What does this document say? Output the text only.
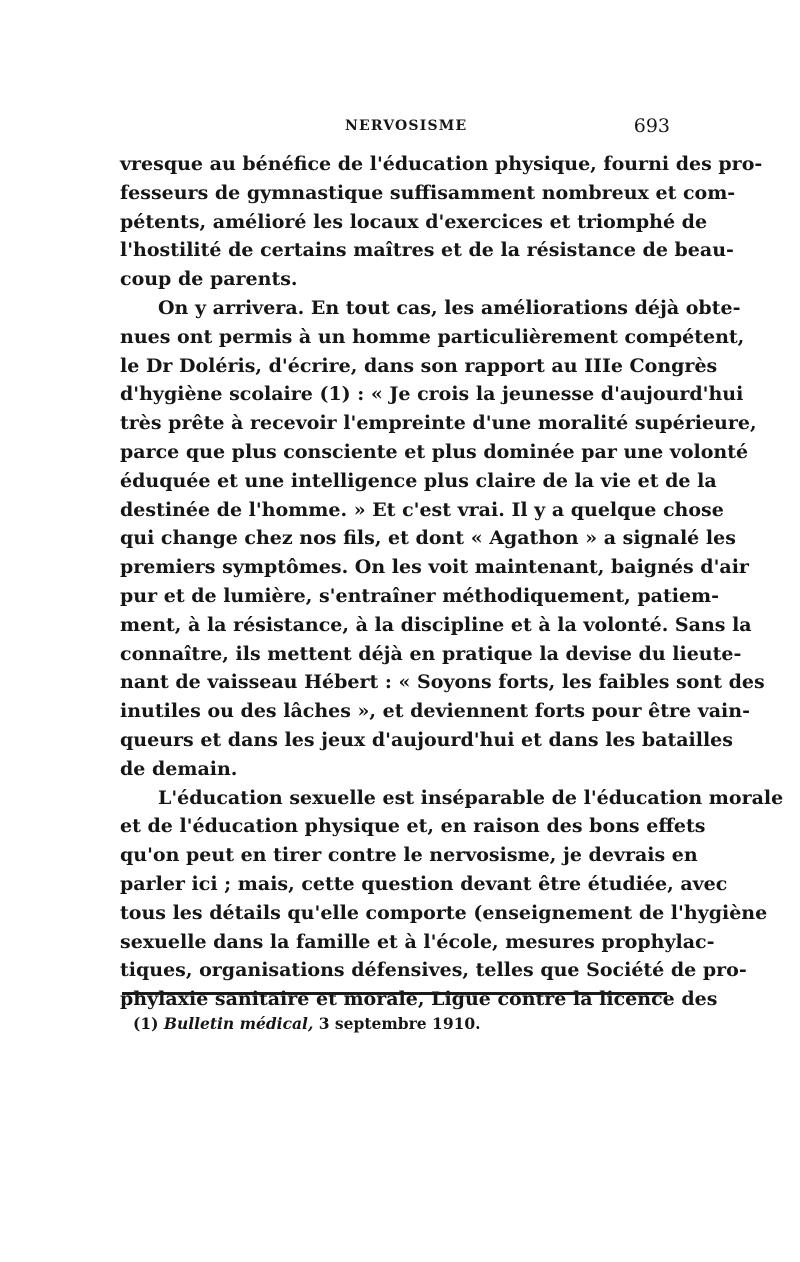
NERVOSISME	693
vresque au bénéfice de l'éducation physique, fourni des pro-
fesseurs de gymnastique suffisamment nombreux et com-
pétents, amélioré les locaux d'exercices et triomphé de
l'hostilité de certains maîtres et de la résistance de beau-
coup de parents.
On y arrivera. En tout cas, les améliorations déjà obte-
nues ont permis à un homme particulièrement compétent,
le Dr Doléris, d'écrire, dans son rapport au IIIe Congrès
d'hygiène scolaire (1) : « Je crois la jeunesse d'aujourd'hui
très prête à recevoir l'empreinte d'une moralité supérieure,
parce que plus consciente et plus dominée par une volonté
éduquée et une intelligence plus claire de la vie et de la
destinée de l'homme. » Et c'est vrai. Il y a quelque chose
qui change chez nos fils, et dont « Agathon » a signalé les
premiers symptômes. On les voit maintenant, baignés d'air
pur et de lumière, s'entraîner méthodiquement, patiem-
ment, à la résistance, à la discipline et à la volonté. Sans la
connaître, ils mettent déjà en pratique la devise du lieute-
nant de vaisseau Hébert : « Soyons forts, les faibles sont des
inutiles ou des lâches », et deviennent forts pour être vain-
queurs et dans les jeux d'aujourd'hui et dans les batailles
de demain.
L'éducation sexuelle est inséparable de l'éducation morale
et de l'éducation physique et, en raison des bons effets
qu'on peut en tirer contre le nervosisme, je devrais en
parler ici ; mais, cette question devant être étudiée, avec
tous les détails qu'elle comporte (enseignement de l'hygiène
sexuelle dans la famille et à l'école, mesures prophylac-
tiques, organisations défensives, telles que Société de pro-
phylaxie sanitaire et morale, Ligue contre la licence des
(1) Bulletin médical, 3 septembre 1910.
